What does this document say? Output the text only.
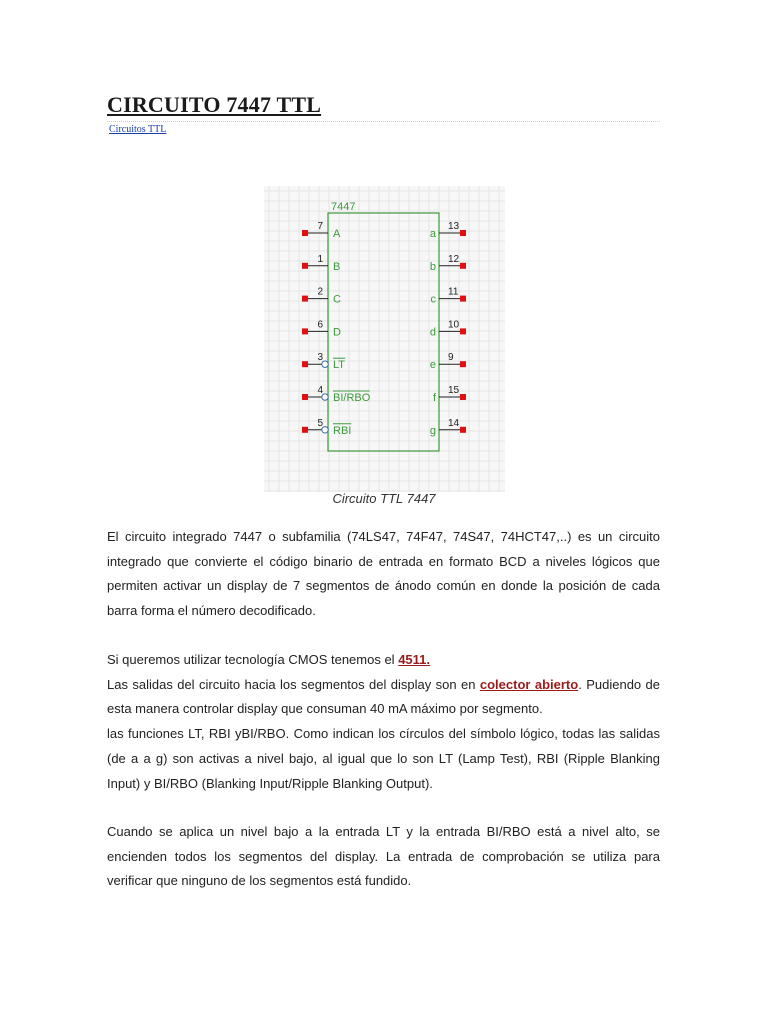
CIRCUITO 7447 TTL
Circuitos TTL
7447
7
A
1
B
2
C
6
D
3
LT
4
BI/RBO
5
RBI
13
a
12
b
11
c
10
d
9
e
15
f
14
g
Circuito TTL 7447

El circuito integrado 7447 o subfamilia (74LS47, 74F47, 74S47, 74HCT47,..) es un circuito
integrado que convierte el código binario de entrada en formato BCD a niveles lógicos que
permiten activar un display de 7 segmentos de ánodo común en donde la posición de cada
barra forma el número decodificado.

Si queremos utilizar tecnología CMOS tenemos el 4511.
Las salidas del circuito hacia los segmentos del display son en colector abierto. Pudiendo de
esta manera controlar display que consuman 40 mA máximo por segmento.
las funciones LT, RBI yBI/RBO. Como indican los círculos del símbolo lógico, todas las salidas
(de a a g) son activas a nivel bajo, al igual que lo son LT (Lamp Test), RBI (Ripple Blanking
Input) y BI/RBO (Blanking Input/Ripple Blanking Output).

Cuando se aplica un nivel bajo a la entrada LT y la entrada BI/RBO está a nivel alto, se
encienden todos los segmentos del display. La entrada de comprobación se utiliza para
verificar que ninguno de los segmentos está fundido.
